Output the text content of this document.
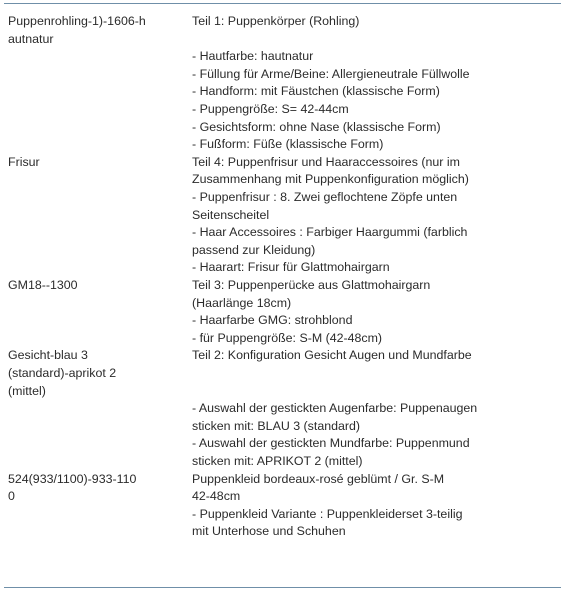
Puppenrohling-1)-1606-h
autnatur
Teil 1: Puppenkörper (Rohling)
- Hautfarbe: hautnatur
- Füllung für Arme/Beine: Allergieneutrale Füllwolle
- Handform: mit Fäustchen (klassische Form)
- Puppengröße: S= 42-44cm
- Gesichtsform: ohne Nase (klassische Form)
- Fußform: Füße (klassische Form)
Frisur	Teil 4: Puppenfrisur und Haaraccessoires (nur im
Zusammenhang mit Puppenkonfiguration möglich)
- Puppenfrisur : 8. Zwei geflochtene Zöpfe unten
Seitenscheitel
- Haar Accessoires : Farbiger Haargummi (farblich
passend zur Kleidung)
- Haarart: Frisur für Glattmohairgarn
GM18--1300	Teil 3: Puppenperücke aus Glattmohairgarn
(Haarlänge 18cm)
- Haarfarbe GMG: strohblond
- für Puppengröße: S-M (42-48cm)
Gesicht-blau 3
(standard)-aprikot 2
(mittel)
Teil 2: Konfiguration Gesicht Augen und Mundfarbe
- Auswahl der gestickten Augenfarbe: Puppenaugen
sticken mit: BLAU 3 (standard)
- Auswahl der gestickten Mundfarbe: Puppenmund
sticken mit: APRIKOT 2 (mittel)
524(933/1100)-933-110
0
Puppenkleid bordeaux-rosé geblümt / Gr. S-M
42-48cm
- Puppenkleid Variante : Puppenkleiderset 3-teilig
mit Unterhose und Schuhen
